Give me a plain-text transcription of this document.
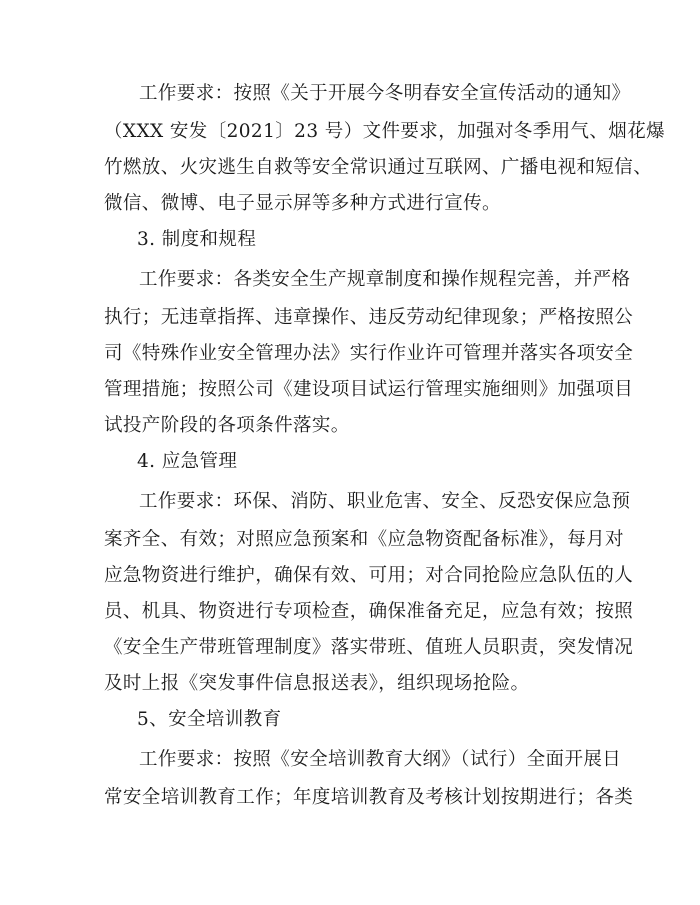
工作要求：按照《关于开展今冬明春安全宣传活动的通知》
（XXX 安发〔2021〕23 号）文件要求，加强对冬季用气、烟花爆
竹燃放、火灾逃生自救等安全常识通过互联网、广播电视和短信、
微信、微博、电子显示屏等多种方式进行宣传。
3. 制度和规程
工作要求：各类安全生产规章制度和操作规程完善，并严格
执行；无违章指挥、违章操作、违反劳动纪律现象；严格按照公
司《特殊作业安全管理办法》实行作业许可管理并落实各项安全
管理措施；按照公司《建设项目试运行管理实施细则》加强项目
试投产阶段的各项条件落实。
4. 应急管理
工作要求：环保、消防、职业危害、安全、反恐安保应急预
案齐全、有效；对照应急预案和《应急物资配备标准》，每月对
应急物资进行维护，确保有效、可用；对合同抢险应急队伍的人
员、机具、物资进行专项检查，确保准备充足，应急有效；按照
《安全生产带班管理制度》落实带班、值班人员职责，突发情况
及时上报《突发事件信息报送表》，组织现场抢险。
5、安全培训教育
工作要求：按照《安全培训教育大纲》（试行）全面开展日
常安全培训教育工作；年度培训教育及考核计划按期进行；各类
